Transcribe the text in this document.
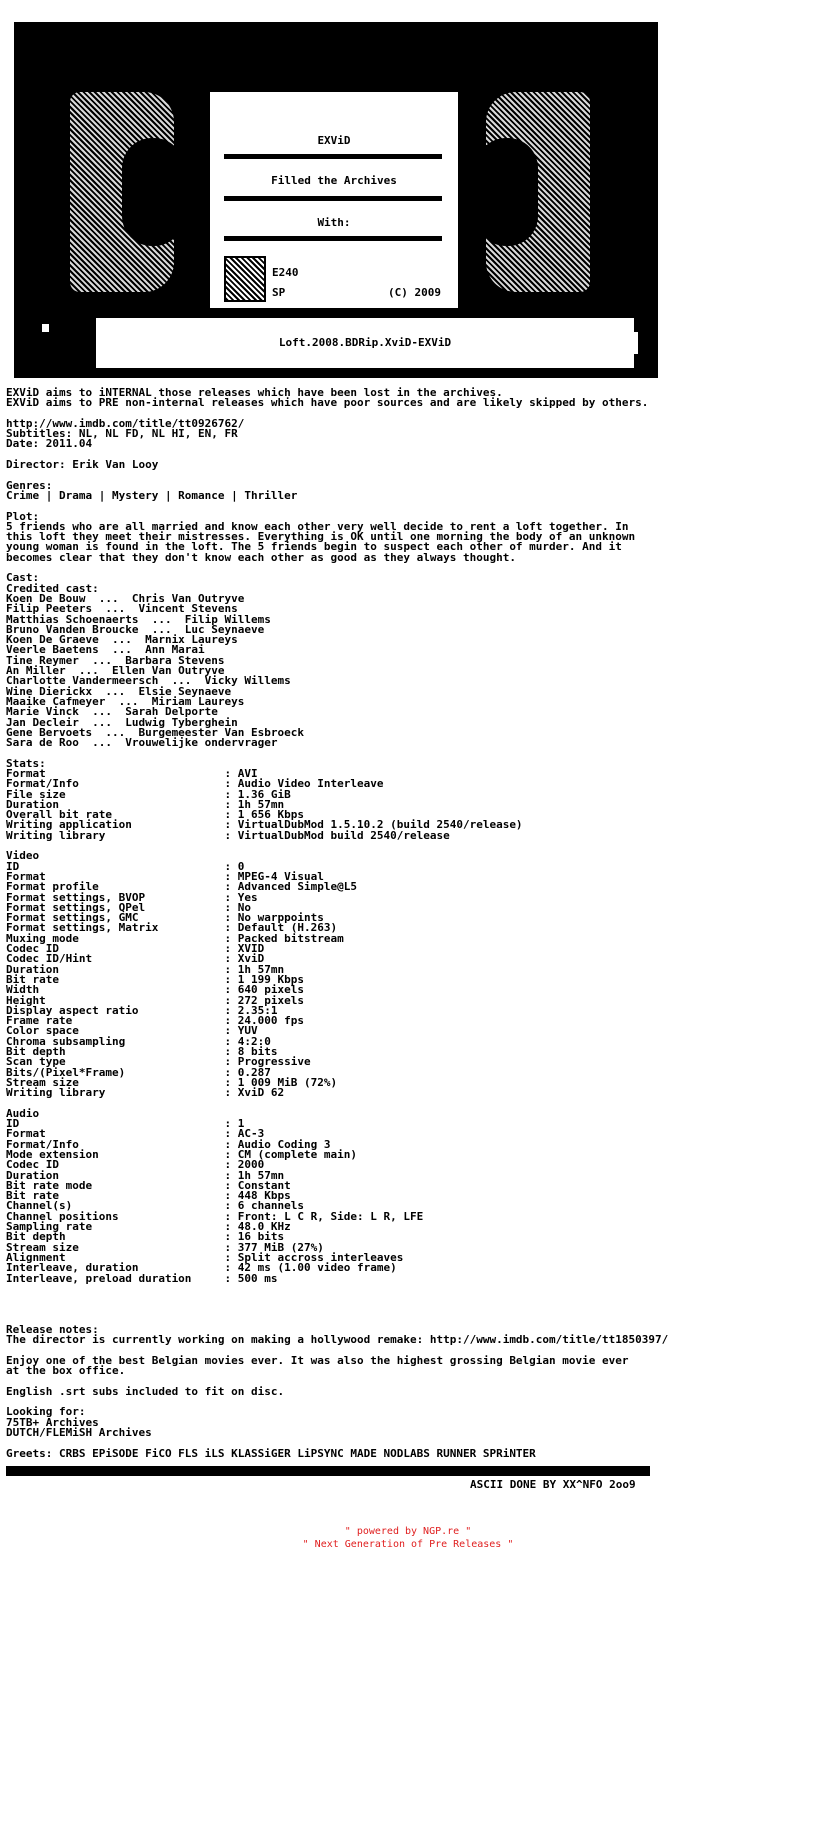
EXViD
Filled the Archives
With:
E240
SP	(C) 2009
Loft.2008.BDRip.XviD-EXViD
EXViD aims to iNTERNAL those releases which have been lost in the archives.
EXViD aims to PRE non-internal releases which have poor sources and are likely skipped by others.

http://www.imdb.com/title/tt0926762/
Subtitles: NL, NL FD, NL HI, EN, FR
Date: 2011.04

Director: Erik Van Looy

Genres:
Crime | Drama | Mystery | Romance | Thriller

Plot:
5 friends who are all married and know each other very well decide to rent a loft together. In
this loft they meet their mistresses. Everything is OK until one morning the body of an unknown
young woman is found in the loft. The 5 friends begin to suspect each other of murder. And it
becomes clear that they don't know each other as good as they always thought.

Cast:
Credited cast:
Koen De Bouw  ...  Chris Van Outryve
Filip Peeters  ...  Vincent Stevens
Matthias Schoenaerts  ...  Filip Willems
Bruno Vanden Broucke  ...  Luc Seynaeve
Koen De Graeve  ...  Marnix Laureys
Veerle Baetens  ...  Ann Marai
Tine Reymer  ...  Barbara Stevens
An Miller  ...  Ellen Van Outryve
Charlotte Vandermeersch  ...  Vicky Willems
Wine Dierickx  ...  Elsie Seynaeve
Maaike Cafmeyer  ...  Miriam Laureys
Marie Vinck  ...  Sarah Delporte
Jan Decleir  ...  Ludwig Tyberghein
Gene Bervoets  ...  Burgemeester Van Esbroeck
Sara de Roo  ...  Vrouwelijke ondervrager

Stats:
Format                           : AVI
Format/Info                      : Audio Video Interleave
File size                        : 1.36 GiB
Duration                         : 1h 57mn
Overall bit rate                 : 1 656 Kbps
Writing application              : VirtualDubMod 1.5.10.2 (build 2540/release)
Writing library                  : VirtualDubMod build 2540/release

Video
ID                               : 0
Format                           : MPEG-4 Visual
Format profile                   : Advanced Simple@L5
Format settings, BVOP            : Yes
Format settings, QPel            : No
Format settings, GMC             : No warppoints
Format settings, Matrix          : Default (H.263)
Muxing mode                      : Packed bitstream
Codec ID                         : XVID
Codec ID/Hint                    : XviD
Duration                         : 1h 57mn
Bit rate                         : 1 199 Kbps
Width                            : 640 pixels
Height                           : 272 pixels
Display aspect ratio             : 2.35:1
Frame rate                       : 24.000 fps
Color space                      : YUV
Chroma subsampling               : 4:2:0
Bit depth                        : 8 bits
Scan type                        : Progressive
Bits/(Pixel*Frame)               : 0.287
Stream size                      : 1 009 MiB (72%)
Writing library                  : XviD 62

Audio
ID                               : 1
Format                           : AC-3
Format/Info                      : Audio Coding 3
Mode extension                   : CM (complete main)
Codec ID                         : 2000
Duration                         : 1h 57mn
Bit rate mode                    : Constant
Bit rate                         : 448 Kbps
Channel(s)                       : 6 channels
Channel positions                : Front: L C R, Side: L R, LFE
Sampling rate                    : 48.0 KHz
Bit depth                        : 16 bits
Stream size                      : 377 MiB (27%)
Alignment                        : Split accross interleaves
Interleave, duration             : 42 ms (1.00 video frame)
Interleave, preload duration     : 500 ms

Release notes:
The director is currently working on making a hollywood remake: http://www.imdb.com/title/tt1850397/

Enjoy one of the best Belgian movies ever. It was also the highest grossing Belgian movie ever
at the box office.

English .srt subs included to fit on disc.

Looking for:
75TB+ Archives
DUTCH/FLEMiSH Archives

Greets: CRBS EPiSODE FiCO FLS iLS KLASSiGER LiPSYNC MADE NODLABS RUNNER SPRiNTER

ASCII DONE BY XX^NFO 2oo9
" powered by NGP.re "
" Next Generation of Pre Releases "
